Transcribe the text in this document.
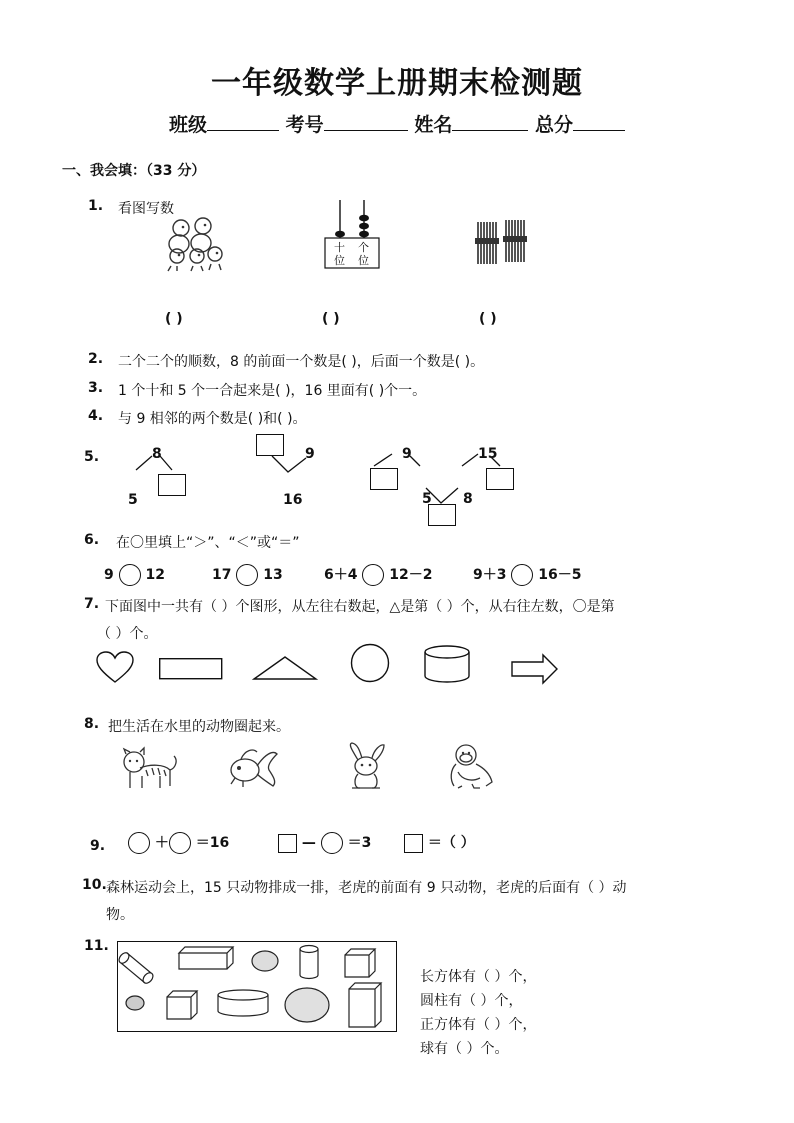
一年级数学上册期末检测题
班级	考号	姓名	总分
一、我会填：（33 分）
1. 看图写数
十
位
个
位
( )	( )	( )
2. 二个二个的顺数，8 的前面一个数是( )，后面一个数是( )。
3. 1 个十和 5 个一合起来是( )，16 里面有( )个一。
4. 与 9 相邻的两个数是( )和( )。
5.	8
5
9
16
9	15
5 8
6. 在〇里填上“＞”、“＜”或“＝”
9 12	17 13	6＋4 12－2	9＋3 16－5
7. 下面图中一共有（ ）个图形，从左往右数起，△是第（ ）个，从右往左数，〇是第
（ ）个。
8. 把生活在水里的动物圈起来。
9.	＋ ＝16	— ＝3	＝（ ）
10. 森林运动会上，15 只动物排成一排，老虎的前面有 9 只动物，老虎的后面有（ ）动
物。
11.
长方体有（ ）个，
圆柱有（ ）个，
正方体有（ ）个，
球有（ ）个。
